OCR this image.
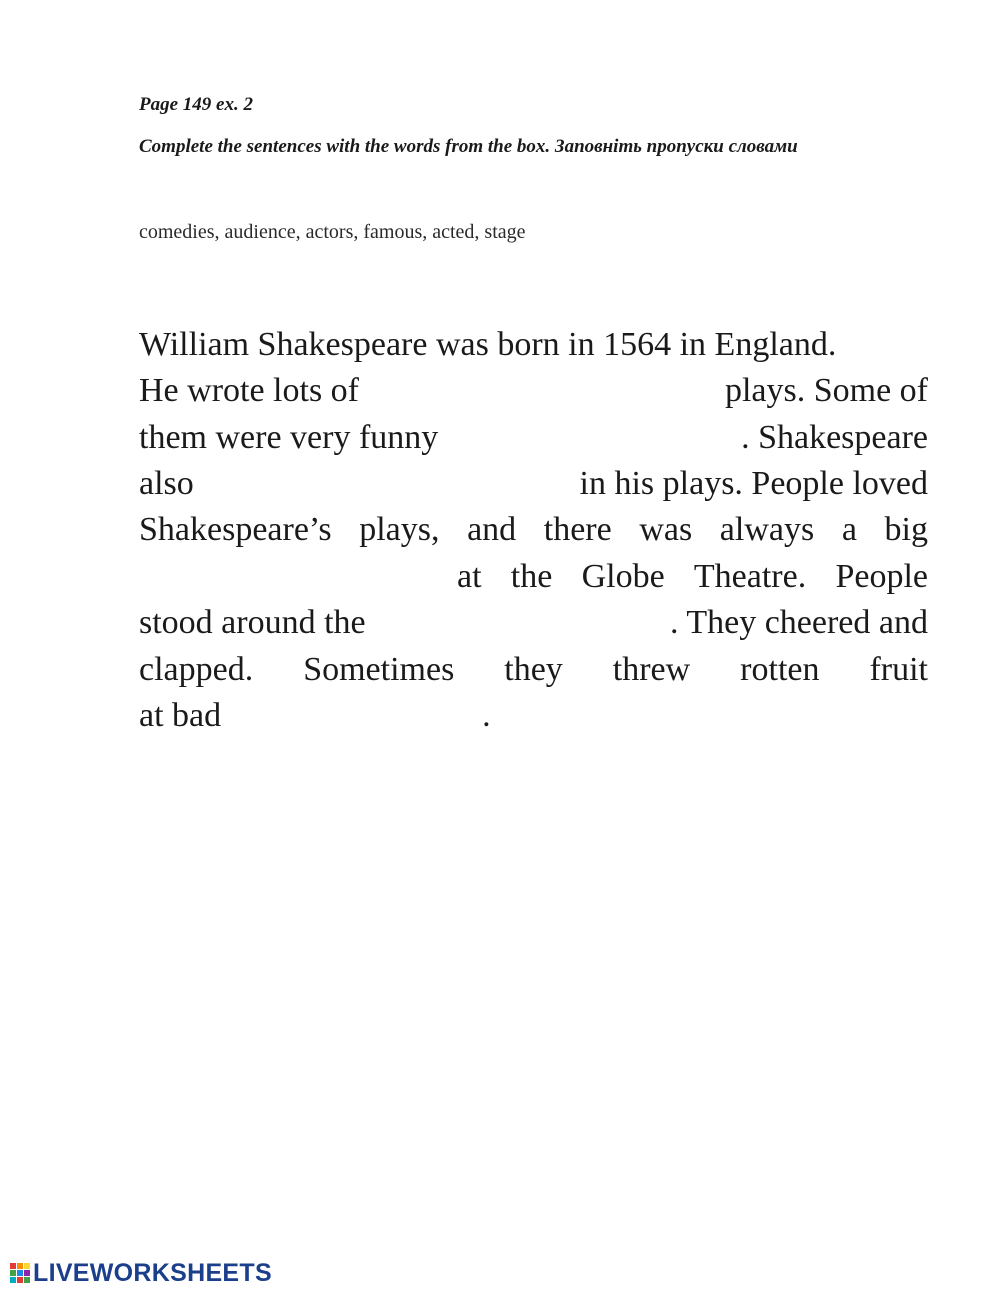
Page 149 ex. 2
Complete the sentences with the words from the box. Заповніть пропуски словами
comedies, audience, actors, famous, acted, stage
William Shakespeare was born in 1564 in England.
He wrote lots of	plays. Some of
them were very funny	. Shakespeare
also	in his plays. People loved
Shakespeare’s plays, and there was always a big
at the Globe Theatre. People
stood around the	. They cheered and
clapped. Sometimes they threw rotten fruit
at bad	.
LIVEWORKSHEETS
